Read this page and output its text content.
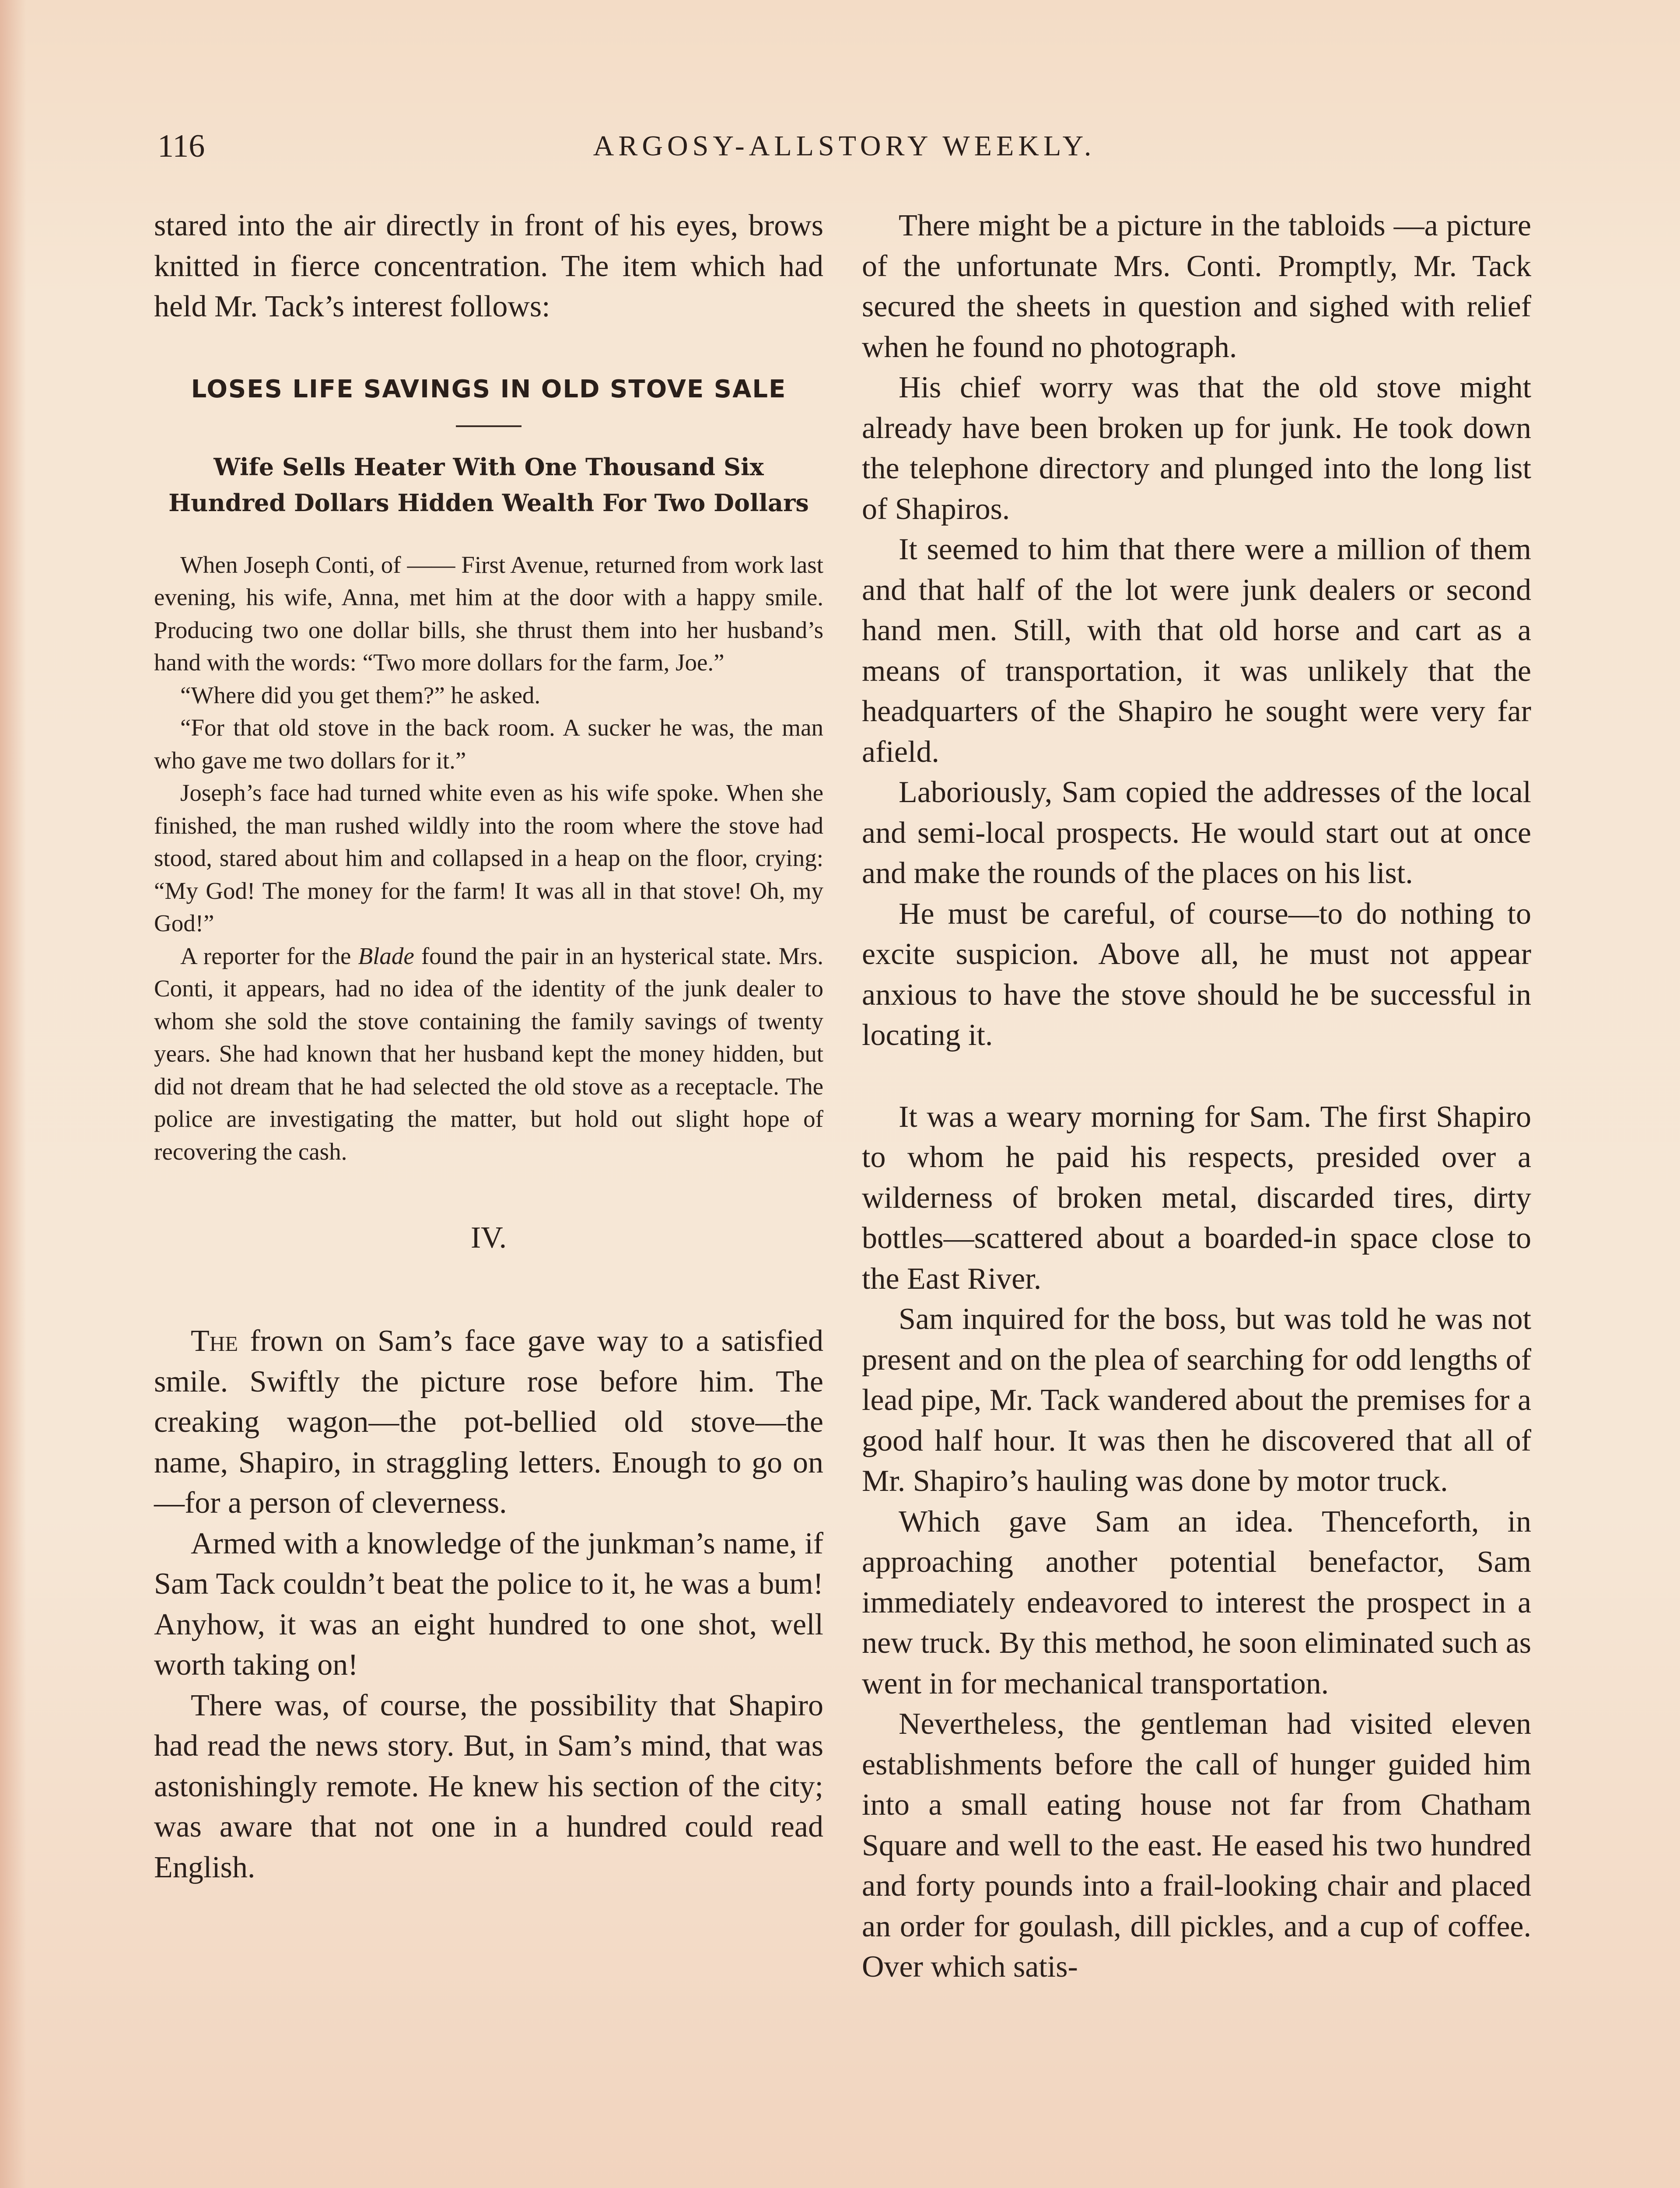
116	ARGOSY-ALLSTORY WEEKLY.

stared into the air directly in front of his eyes, brows knitted in fierce concentration. The item which had held Mr. Tack’s interest follows:

LOSES LIFE SAVINGS IN OLD STOVE SALE
Wife Sells Heater With One Thousand Six Hundred Dollars Hidden Wealth For Two Dollars

When Joseph Conti, of —— First Avenue, returned from work last evening, his wife, Anna, met him at the door with a happy smile. Producing two one dollar bills, she thrust them into her husband’s hand with the words: “Two more dollars for the farm, Joe.”

“Where did you get them?” he asked.

“For that old stove in the back room. A sucker he was, the man who gave me two dollars for it.”

Joseph’s face had turned white even as his wife spoke. When she finished, the man rushed wildly into the room where the stove had stood, stared about him and collapsed in a heap on the floor, crying: “My God! The money for the farm! It was all in that stove! Oh, my God!”

A reporter for the Blade found the pair in an hysterical state. Mrs. Conti, it appears, had no idea of the identity of the junk dealer to whom she sold the stove containing the family savings of twenty years. She had known that her husband kept the money hidden, but did not dream that he had selected the old stove as a receptacle. The police are investigating the matter, but hold out slight hope of recovering the cash.

IV.

The frown on Sam’s face gave way to a satisfied smile. Swiftly the picture rose before him. The creaking wagon—the pot-bellied old stove—the name, Shapiro, in straggling letters. Enough to go on—for a person of cleverness.

Armed with a knowledge of the junkman’s name, if Sam Tack couldn’t beat the police to it, he was a bum! Anyhow, it was an eight hundred to one shot, well worth taking on!

There was, of course, the possibility that Shapiro had read the news story. But, in Sam’s mind, that was astonishingly remote. He knew his section of the city; was aware that not one in a hundred could read English.

There might be a picture in the tabloids —a picture of the unfortunate Mrs. Conti. Promptly, Mr. Tack secured the sheets in question and sighed with relief when he found no photograph.

His chief worry was that the old stove might already have been broken up for junk. He took down the telephone directory and plunged into the long list of Shapiros.

It seemed to him that there were a million of them and that half of the lot were junk dealers or second hand men. Still, with that old horse and cart as a means of transportation, it was unlikely that the headquarters of the Shapiro he sought were very far afield.

Laboriously, Sam copied the addresses of the local and semi-local prospects. He would start out at once and make the rounds of the places on his list.

He must be careful, of course—to do nothing to excite suspicion. Above all, he must not appear anxious to have the stove should he be successful in locating it.

It was a weary morning for Sam. The first Shapiro to whom he paid his respects, presided over a wilderness of broken metal, discarded tires, dirty bottles—scattered about a boarded-in space close to the East River.

Sam inquired for the boss, but was told he was not present and on the plea of searching for odd lengths of lead pipe, Mr. Tack wandered about the premises for a good half hour. It was then he discovered that all of Mr. Shapiro’s hauling was done by motor truck.

Which gave Sam an idea. Thenceforth, in approaching another potential benefactor, Sam immediately endeavored to interest the prospect in a new truck. By this method, he soon eliminated such as went in for mechanical transportation.

Nevertheless, the gentleman had visited eleven establishments before the call of hunger guided him into a small eating house not far from Chatham Square and well to the east. He eased his two hundred and forty pounds into a frail-looking chair and placed an order for goulash, dill pickles, and a cup of coffee. Over which satis-
